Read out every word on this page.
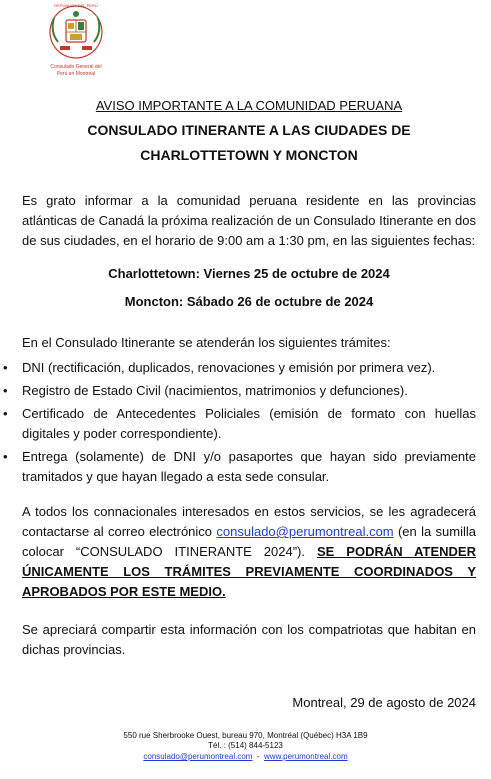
REPÚBLICA DEL PERÚ

Consulado General del

Perú en Montreal

AVISO IMPORTANTE A LA COMUNIDAD PERUANA

CONSULADO ITINERANTE A LAS CIUDADES DE

CHARLOTTETOWN Y MONCTON

Es grato informar a la comunidad peruana residente en las provincias atlánticas de Canadá la próxima realización de un Consulado Itinerante en dos de sus ciudades, en el horario de 9:00 am a 1:30 pm, en las siguientes fechas:

Charlottetown: Viernes 25 de octubre de 2024

Moncton: Sábado 26 de octubre de 2024

En el Consulado Itinerante se atenderán los siguientes trámites:

• DNI (rectificación, duplicados, renovaciones y emisión por primera vez).
• Registro de Estado Civil (nacimientos, matrimonios y defunciones).
• Certificado de Antecedentes Policiales (emisión de formato con huellas digitales y poder correspondiente).
• Entrega (solamente) de DNI y/o pasaportes que hayan sido previamente tramitados y que hayan llegado a esta sede consular.

A todos los connacionales interesados en estos servicios, se les agradecerá contactarse al correo electrónico consulado@perumontreal.com (en la sumilla colocar “CONSULADO ITINERANTE 2024”). SE PODRÁN ATENDER ÚNICAMENTE LOS TRÁMITES PREVIAMENTE COORDINADOS Y APROBADOS POR ESTE MEDIO.

Se apreciará compartir esta información con los compatriotas que habitan en dichas provincias.

Montreal, 29 de agosto de 2024

550 rue Sherbrooke Ouest, bureau 970, Montréal (Québec) H3A 1B9

Tél. : (514) 844-5123

consulado@perumontreal.com - www.perumontreal.com
